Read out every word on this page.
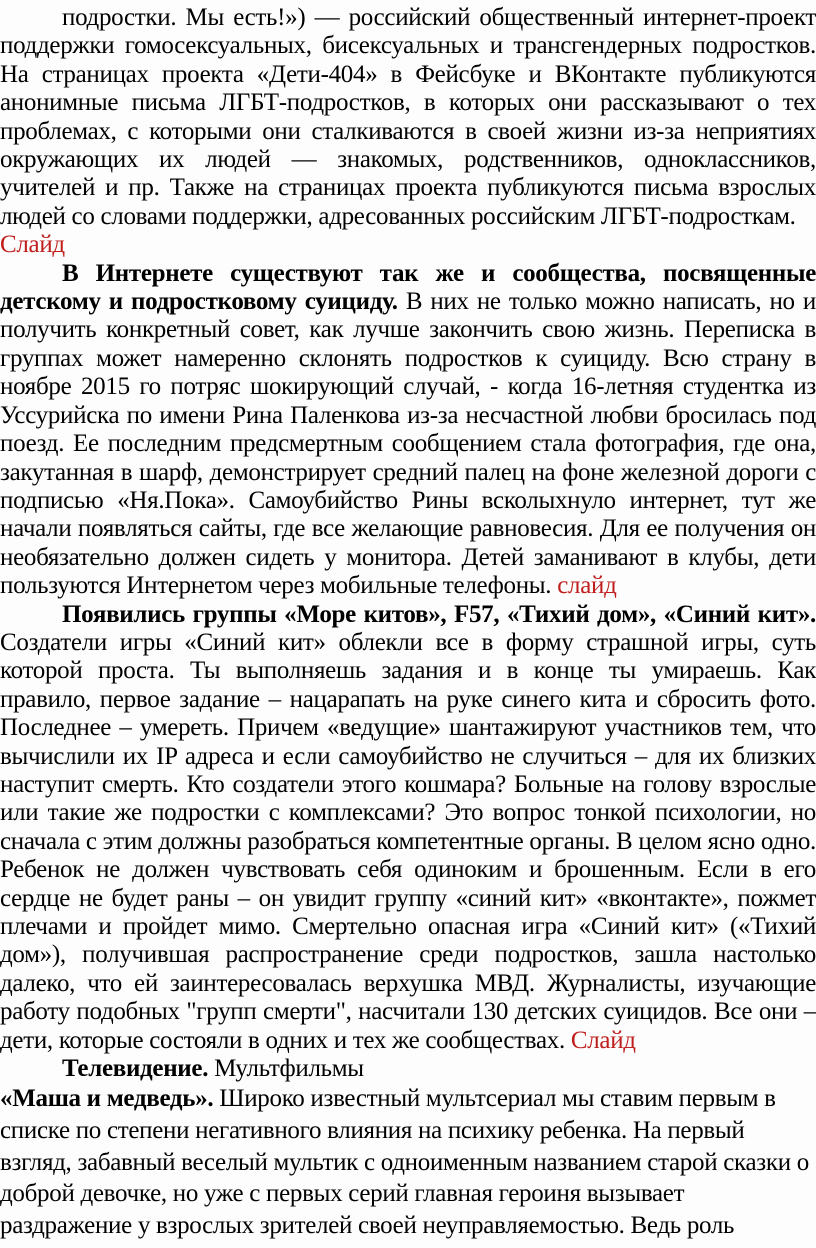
подростки. Мы есть!») — российский общественный интернет-проект поддержки гомосексуальных, бисексуальных и трансгендерных подростков. На страницах проекта «Дети-404» в Фейсбуке и ВКонтакте публикуются анонимные письма ЛГБТ-подростков, в которых они рассказывают о тех проблемах, с которыми они сталкиваются в своей жизни из-за неприятиях окружающих их людей — знакомых, родственников, одноклассников, учителей и пр. Также на страницах проекта публикуются письма взрослых людей со словами поддержки, адресованных российским ЛГБТ-подросткам.

Слайд

В Интернете существуют так же и сообщества, посвященные детскому и подростковому суициду. В них не только можно написать, но и получить конкретный совет, как лучше закончить свою жизнь. Переписка в группах может намеренно склонять подростков к суициду. Всю страну в ноябре 2015 го потряс шокирующий случай, - когда 16-летняя студентка из Уссурийска по имени Рина Паленкова из-за несчастной любви бросилась под поезд. Ее последним предсмертным сообщением стала фотография, где она, закутанная в шарф, демонстрирует средний палец на фоне железной дороги с подписью «Ня.Пока». Самоубийство Рины всколыхнуло интернет, тут же начали появляться сайты, где все желающие равновесия. Для ее получения он необязательно должен сидеть у монитора. Детей заманивают в клубы, дети пользуются Интернетом через мобильные телефоны. слайд

Появились группы «Море китов», F57, «Тихий дом», «Синий кит». Создатели игры «Синий кит» облекли все в форму страшной игры, суть которой проста. Ты выполняешь задания и в конце ты умираешь. Как правило, первое задание – нацарапать на руке синего кита и сбросить фото. Последнее – умереть. Причем «ведущие» шантажируют участников тем, что вычислили их IP адреса и если самоубийство не случиться – для их близких наступит смерть. Кто создатели этого кошмара? Больные на голову взрослые или такие же подростки с комплексами? Это вопрос тонкой психологии, но сначала с этим должны разобраться компетентные органы. В целом ясно одно. Ребенок не должен чувствовать себя одиноким и брошенным. Если в его сердце не будет раны – он увидит группу «синий кит» «вконтакте», пожмет плечами и пройдет мимо. Смертельно опасная игра «Синий кит» («Тихий дом»), получившая распространение среди подростков, зашла настолько далеко, что ей заинтересовалась верхушка МВД. Журналисты, изучающие работу подобных "групп смерти", насчитали 130 детских суицидов. Все они – дети, которые состояли в одних и тех же сообществах. Слайд

Телевидение. Мультфильмы

«Маша и медведь». Широко известный мультсериал мы ставим первым в списке по степени негативного влияния на психику ребенка. На первый взгляд, забавный веселый мультик с одноименным названием старой сказки о доброй девочке, но уже с первых серий главная героиня вызывает раздражение у взрослых зрителей своей неуправляемостью. Ведь роль
